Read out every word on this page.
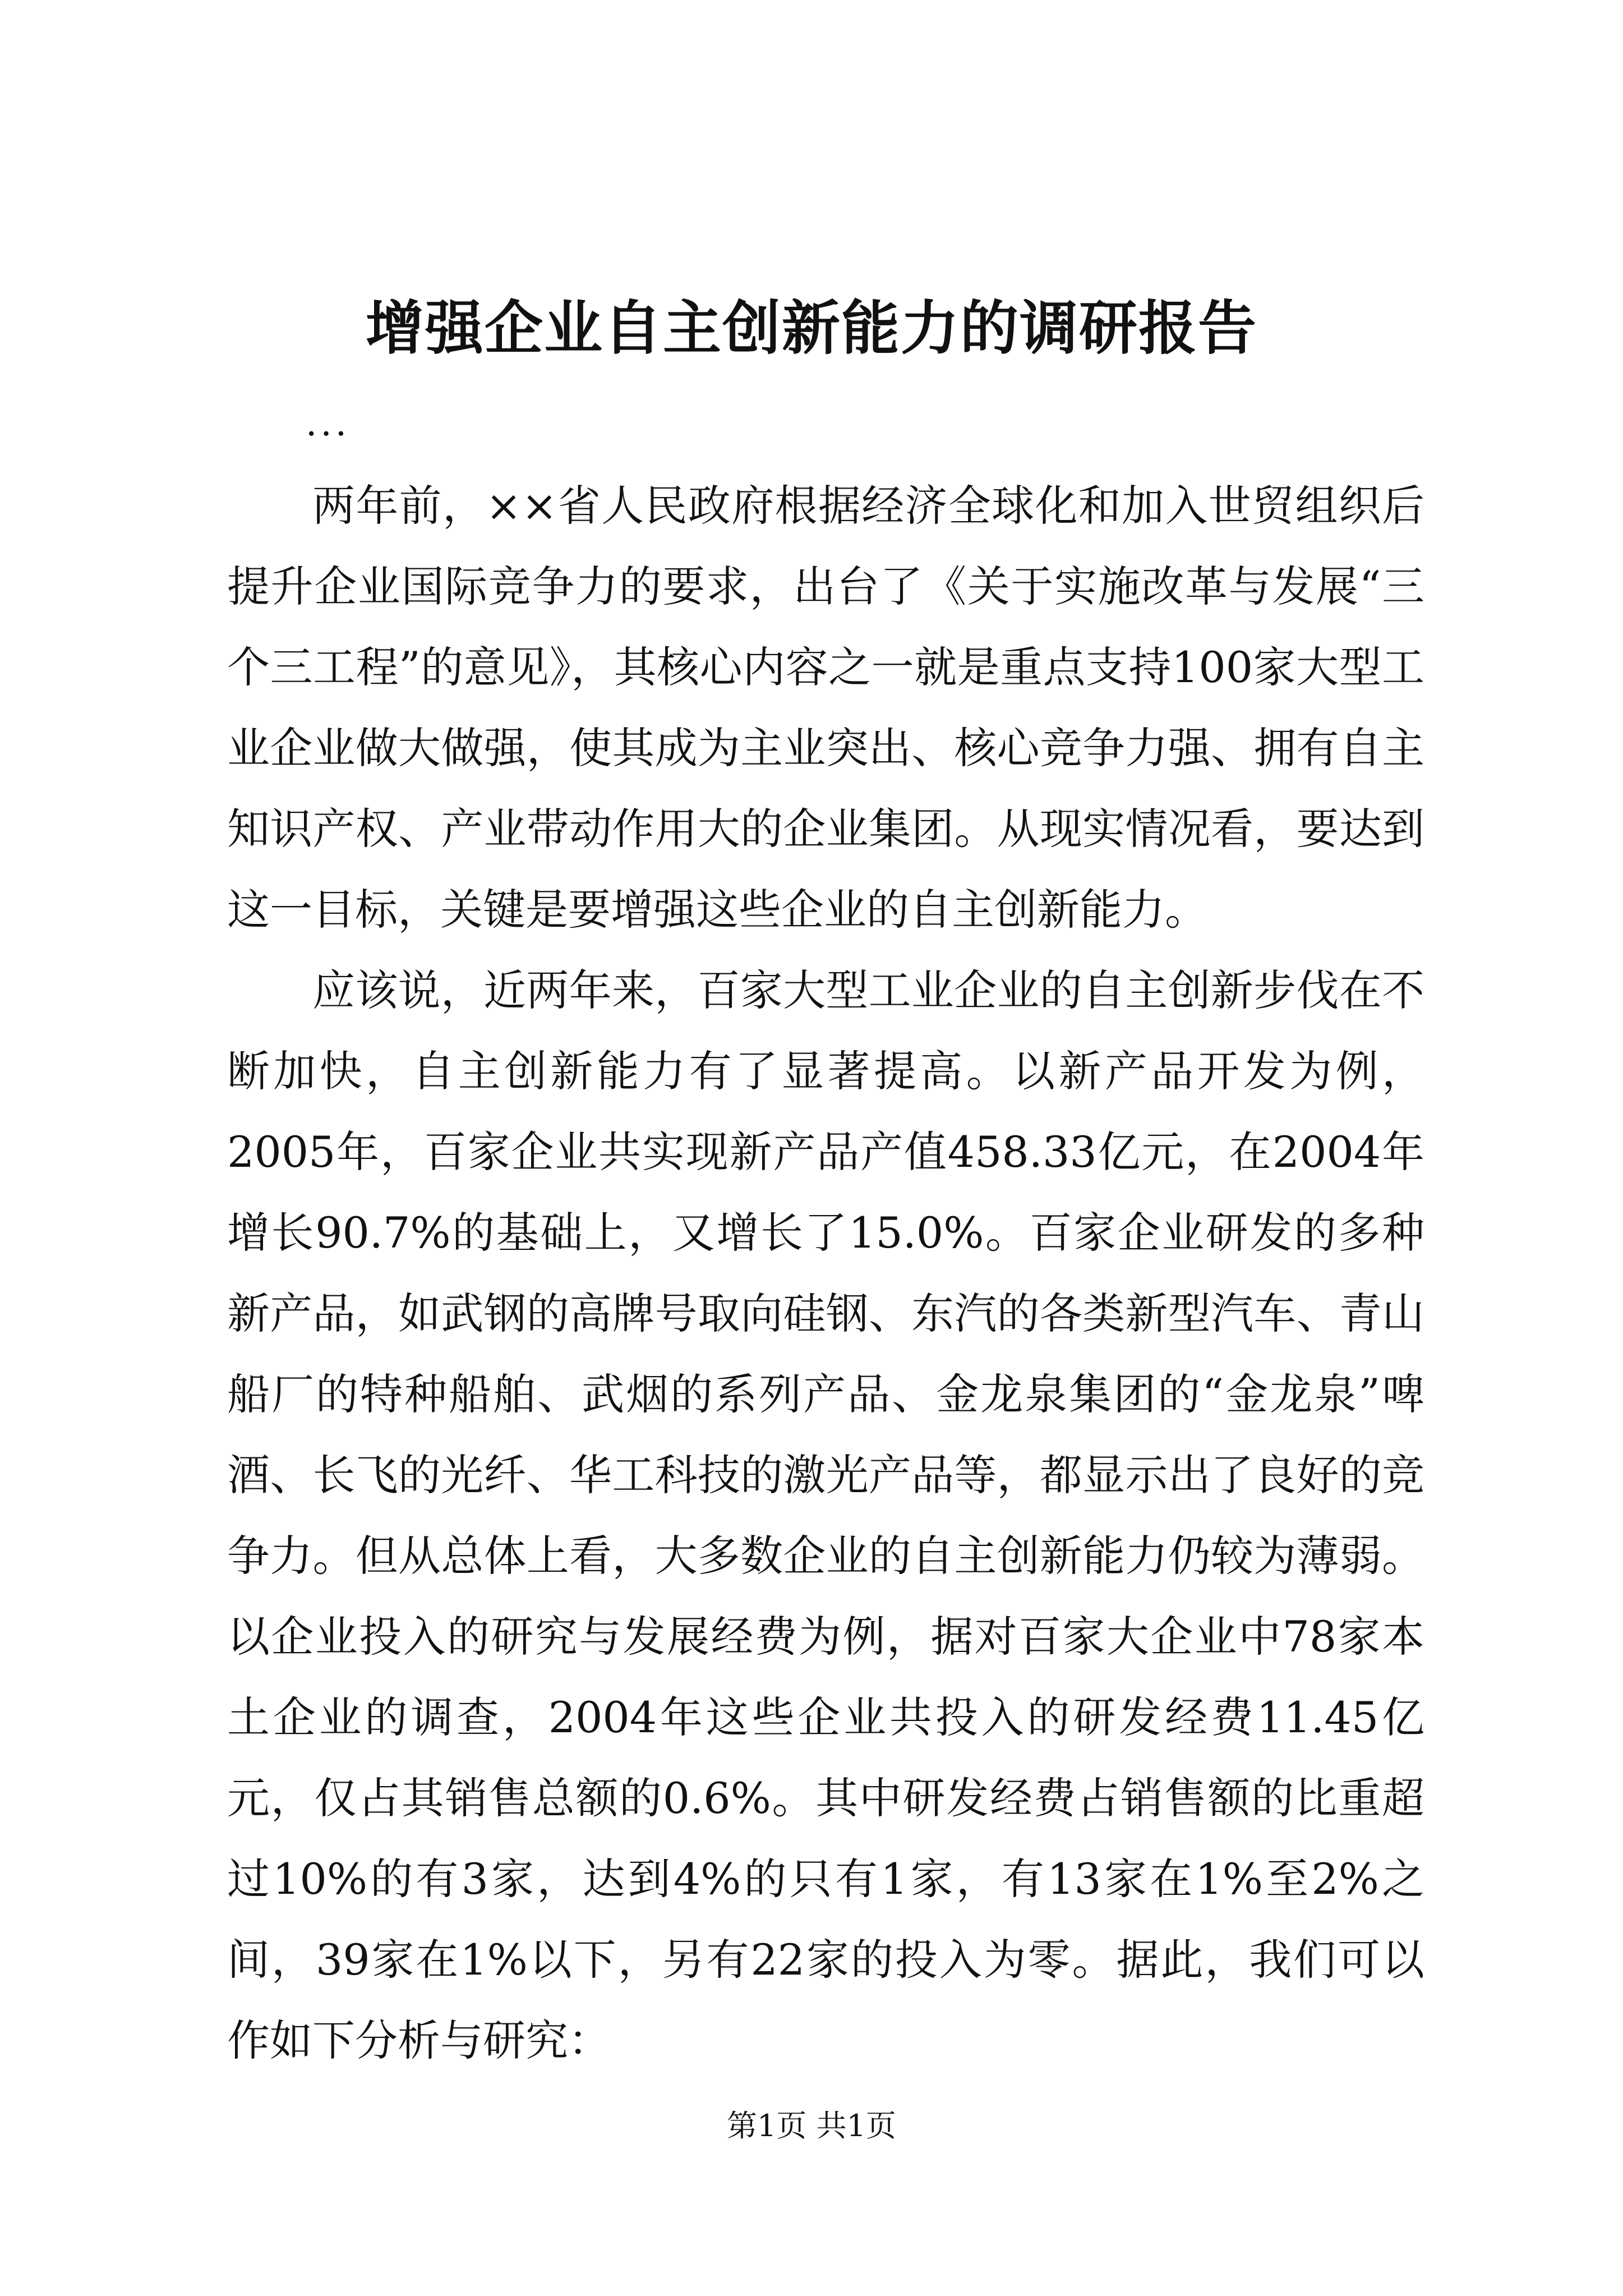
增强企业自主创新能力的调研报告
...

两年前，××省人民政府根据经济全球化和加入世贸组织后提升企业国际竞争力的要求，出台了《关于实施改革与发展“三个三工程”的意见》，其核心内容之一就是重点支持100家大型工业企业做大做强，使其成为主业突出、核心竞争力强、拥有自主知识产权、产业带动作用大的企业集团。从现实情况看，要达到这一目标，关键是要增强这些企业的自主创新能力。

应该说，近两年来，百家大型工业企业的自主创新步伐在不断加快，自主创新能力有了显著提高。以新产品开发为例，2005年，百家企业共实现新产品产值458.33亿元，在2004年增长90.7%的基础上，又增长了15.0%。百家企业研发的多种新产品，如武钢的高牌号取向硅钢、东汽的各类新型汽车、青山船厂的特种船舶、武烟的系列产品、金龙泉集团的“金龙泉”啤酒、长飞的光纤、华工科技的激光产品等，都显示出了良好的竞争力。但从总体上看，大多数企业的自主创新能力仍较为薄弱。以企业投入的研究与发展经费为例，据对百家大企业中78家本土企业的调查，2004年这些企业共投入的研发经费11.45亿元，仅占其销售总额的0.6%。其中研发经费占销售额的比重超过10%的有3家，达到4%的只有1家，有13家在1%至2%之间，39家在1%以下，另有22家的投入为零。据此，我们可以作如下分析与研究：

第1页 共1页
